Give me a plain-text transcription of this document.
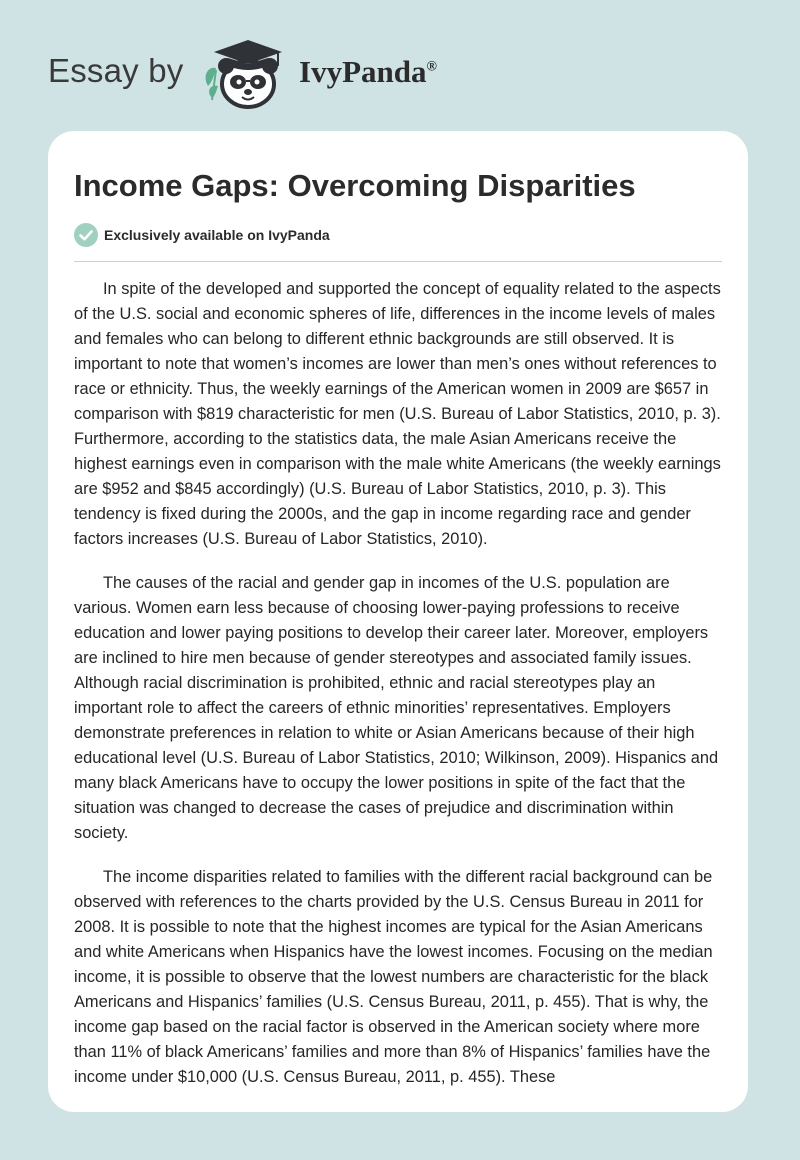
Essay by	IvyPanda®
Income Gaps: Overcoming Disparities
Exclusively available on IvyPanda

In spite of the developed and supported the concept of equality related to the aspects of the U.S. social and economic spheres of life, differences in the income levels of males and females who can belong to different ethnic backgrounds are still observed. It is important to note that women’s incomes are lower than men’s ones without references to race or ethnicity. Thus, the weekly earnings of the American women in 2009 are $657 in comparison with $819 characteristic for men (U.S. Bureau of Labor Statistics, 2010, p. 3). Furthermore, according to the statistics data, the male Asian Americans receive the highest earnings even in comparison with the male white Americans (the weekly earnings are $952 and $845 accordingly) (U.S. Bureau of Labor Statistics, 2010, p. 3). This tendency is fixed during the 2000s, and the gap in income regarding race and gender factors increases (U.S. Bureau of Labor Statistics, 2010).

The causes of the racial and gender gap in incomes of the U.S. population are various. Women earn less because of choosing lower-paying professions to receive education and lower paying positions to develop their career later. Moreover, employers are inclined to hire men because of gender stereotypes and associated family issues. Although racial discrimination is prohibited, ethnic and racial stereotypes play an important role to affect the careers of ethnic minorities’ representatives. Employers demonstrate preferences in relation to white or Asian Americans because of their high educational level (U.S. Bureau of Labor Statistics, 2010; Wilkinson, 2009). Hispanics and many black Americans have to occupy the lower positions in spite of the fact that the situation was changed to decrease the cases of prejudice and discrimination within society.

The income disparities related to families with the different racial background can be observed with references to the charts provided by the U.S. Census Bureau in 2011 for 2008. It is possible to note that the highest incomes are typical for the Asian Americans and white Americans when Hispanics have the lowest incomes. Focusing on the median income, it is possible to observe that the lowest numbers are characteristic for the black Americans and Hispanics’ families (U.S. Census Bureau, 2011, p. 455). That is why, the income gap based on the racial factor is observed in the American society where more than 11% of black Americans’ families and more than 8% of Hispanics’ families have the income under $10,000 (U.S. Census Bureau, 2011, p. 455). These
